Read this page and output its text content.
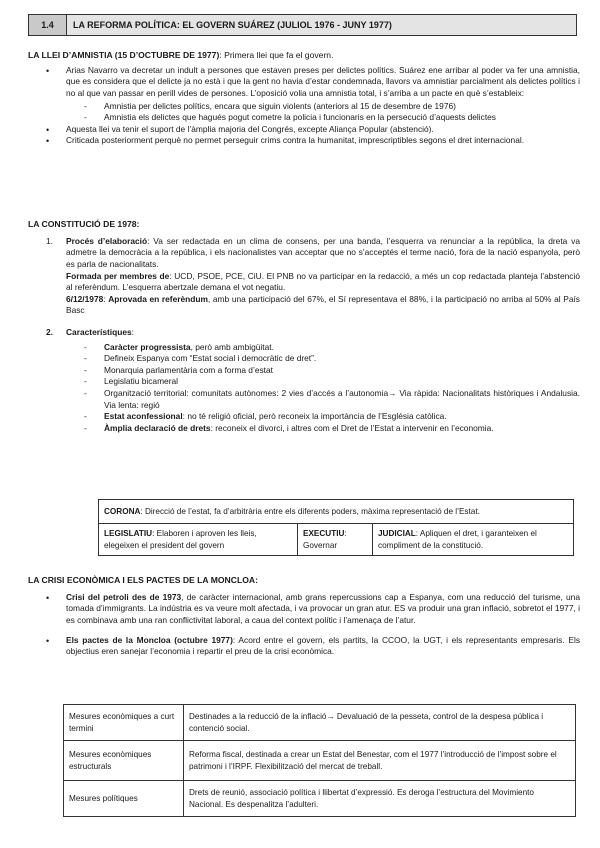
1.4	LA REFORMA POLÍTICA: EL GOVERN SUÁREZ (JULIOL 1976 - JUNY 1977)
LA LLEI D’AMNISTIA (15 D’OCTUBRE DE 1977): Primera llei que fa el govern.
• Arias Navarro va decretar un indult a persones que estaven preses per delictes polítics. Suárez ene arribar al poder va fer una amnistia, que es considera que el delicte ja no està i que la gent no havia d’estar condemnada, llavors va amnistiar parcialment als delictes polítics i no al que van passar en perill vides de persones. L’oposició volia una amnistia total, i s’arriba a un pacte en què s’estableix:
- Amnistia per delictes polítics, encara que siguin violents (anteriors al 15 de desembre de 1976)
- Amnistia els delictes que hagués pogut cometre la policia i funcionaris en la persecució d’aquests delictes
• Aquesta llei va tenir el suport de l’àmplia majoria del Congrés, excepte Aliança Popular (abstenció).
• Criticada posteriorment perquè no permet perseguir crims contra la humanitat, imprescriptibles segons el dret internacional.
LA CONSTITUCIÓ DE 1978:
1. Procés d’elaboració: Va ser redactada en un clima de consens, per una banda, l’esquerra va renunciar a la república, la dreta va admetre la democràcia a la república, i els nacionalistes van acceptar que no s’acceptés el terme nació, fora de la nació espanyola, però es parla de nacionalitats.

Formada per membres de: UCD, PSOE, PCE, CiU. El PNB no va participar en la redacció, a més un cop redactada planteja l’abstenció al referèndum. L’esquerra abertzale demana el vot negatiu.

6/12/1978: Aprovada en referèndum, amb una participació del 67%, el Sí representava el 88%, i la participació no arriba al 50% al País Basc

2. Característiques:

- Caràcter progressista, però amb ambigüitat.
- Defineix Espanya com “Estat social i democràtic de dret”.
- Monarquia parlamentària com a forma d’estat
- Legislatiu bicameral
- Organització territorial: comunitats autònomes: 2 vies d’accés a l’autonomia→ Via ràpida: Nacionalitats històriques i Andalusia. Via lenta: regió
- Estat aconfessional: no té religió oficial, però reconeix la importància de l’Església catòlica.
- Àmplia declaració de drets: reconeix el divorci, i altres com el Dret de l’Estat a intervenir en l’economia.
CORONA: Direcció de l’estat, fa d’arbitrària entre els diferents poders, màxima representació de l’Estat.
LEGISLATIU: Elaboren i aproven les lleis, elegeixen el president del govern	EXECUTIU: Governar	JUDICIAL: Apliquen el dret, i garanteixen el compliment de la constitució.
LA CRISI ECONÒMICA I ELS PACTES DE LA MONCLOA:
• Crisi del petroli des de 1973, de caràcter internacional, amb grans repercussions cap a Espanya, com una reducció del turisme, una tomada d’immigrants. La indústria es va veure molt afectada, i va provocar un gran atur. ES va produir una gran inflació, sobretot el 1977, i es combinava amb una ran conflictivitat laboral, a caua del context polític i l’amenaça de l’atur.
• Els pactes de la Moncloa (octubre 1977): Acord entre el govern, els partits, la CCOO, la UGT, i els representants empresaris. Els objectius eren sanejar l’economia i repartir el preu de la crisi econòmica.
Mesures econòmiques a curt termini	Destinades a la reducció de la inflació→ Devaluació de la pesseta, control de la despesa pública i contenció social.
Mesures econòmiques estructurals	Reforma fiscal, destinada a crear un Estat del Benestar, com el 1977 l’introducció de l’impost sobre el patrimoni i l’IRPF. Flexibilització del mercat de treball.
Mesures polítiques	Drets de reunió, associació política i llibertat d’expressió. Es deroga l’estructura del Movimiento Nacional. Es despenalitza l’adulteri.
